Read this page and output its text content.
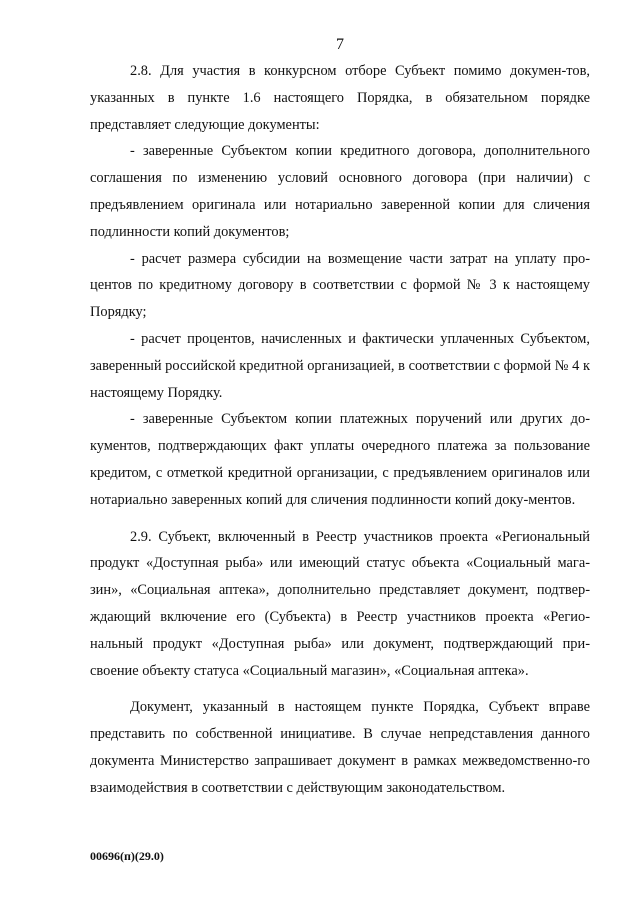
7

2.8. Для участия в конкурсном отборе Субъект помимо докумен-тов, указанных в пункте 1.6 настоящего Порядка, в обязательном порядке представляет следующие документы:

- заверенные Субъектом копии кредитного договора, дополнительного соглашения по изменению условий основного договора (при наличии) с предъявлением оригинала или нотариально заверенной копии для сличения подлинности копий документов;

- расчет размера субсидии на возмещение части затрат на уплату про-центов по кредитному договору в соответствии с формой № 3 к настоящему Порядку;

- расчет процентов, начисленных и фактически уплаченных Субъектом, заверенный российской кредитной организацией, в соответствии с формой № 4 к настоящему Порядку.

- заверенные Субъектом копии платежных поручений или других до-кументов, подтверждающих факт уплаты очередного платежа за пользование кредитом, с отметкой кредитной организации, с предъявлением оригиналов или нотариально заверенных копий для сличения подлинности копий доку-ментов.

2.9. Субъект, включенный в Реестр участников проекта «Региональный продукт «Доступная рыба» или имеющий статус объекта «Социальный мага-зин», «Социальная аптека», дополнительно представляет документ, подтвер-ждающий включение его (Субъекта) в Реестр участников проекта «Регио-нальный продукт «Доступная рыба» или документ, подтверждающий при-своение объекту статуса «Социальный магазин», «Социальная аптека».

Документ, указанный в настоящем пункте Порядка, Субъект вправе представить по собственной инициативе. В случае непредставления данного документа Министерство запрашивает документ в рамках межведомственно-го взаимодействия в соответствии с действующим законодательством.

00696(п)(29.0)
